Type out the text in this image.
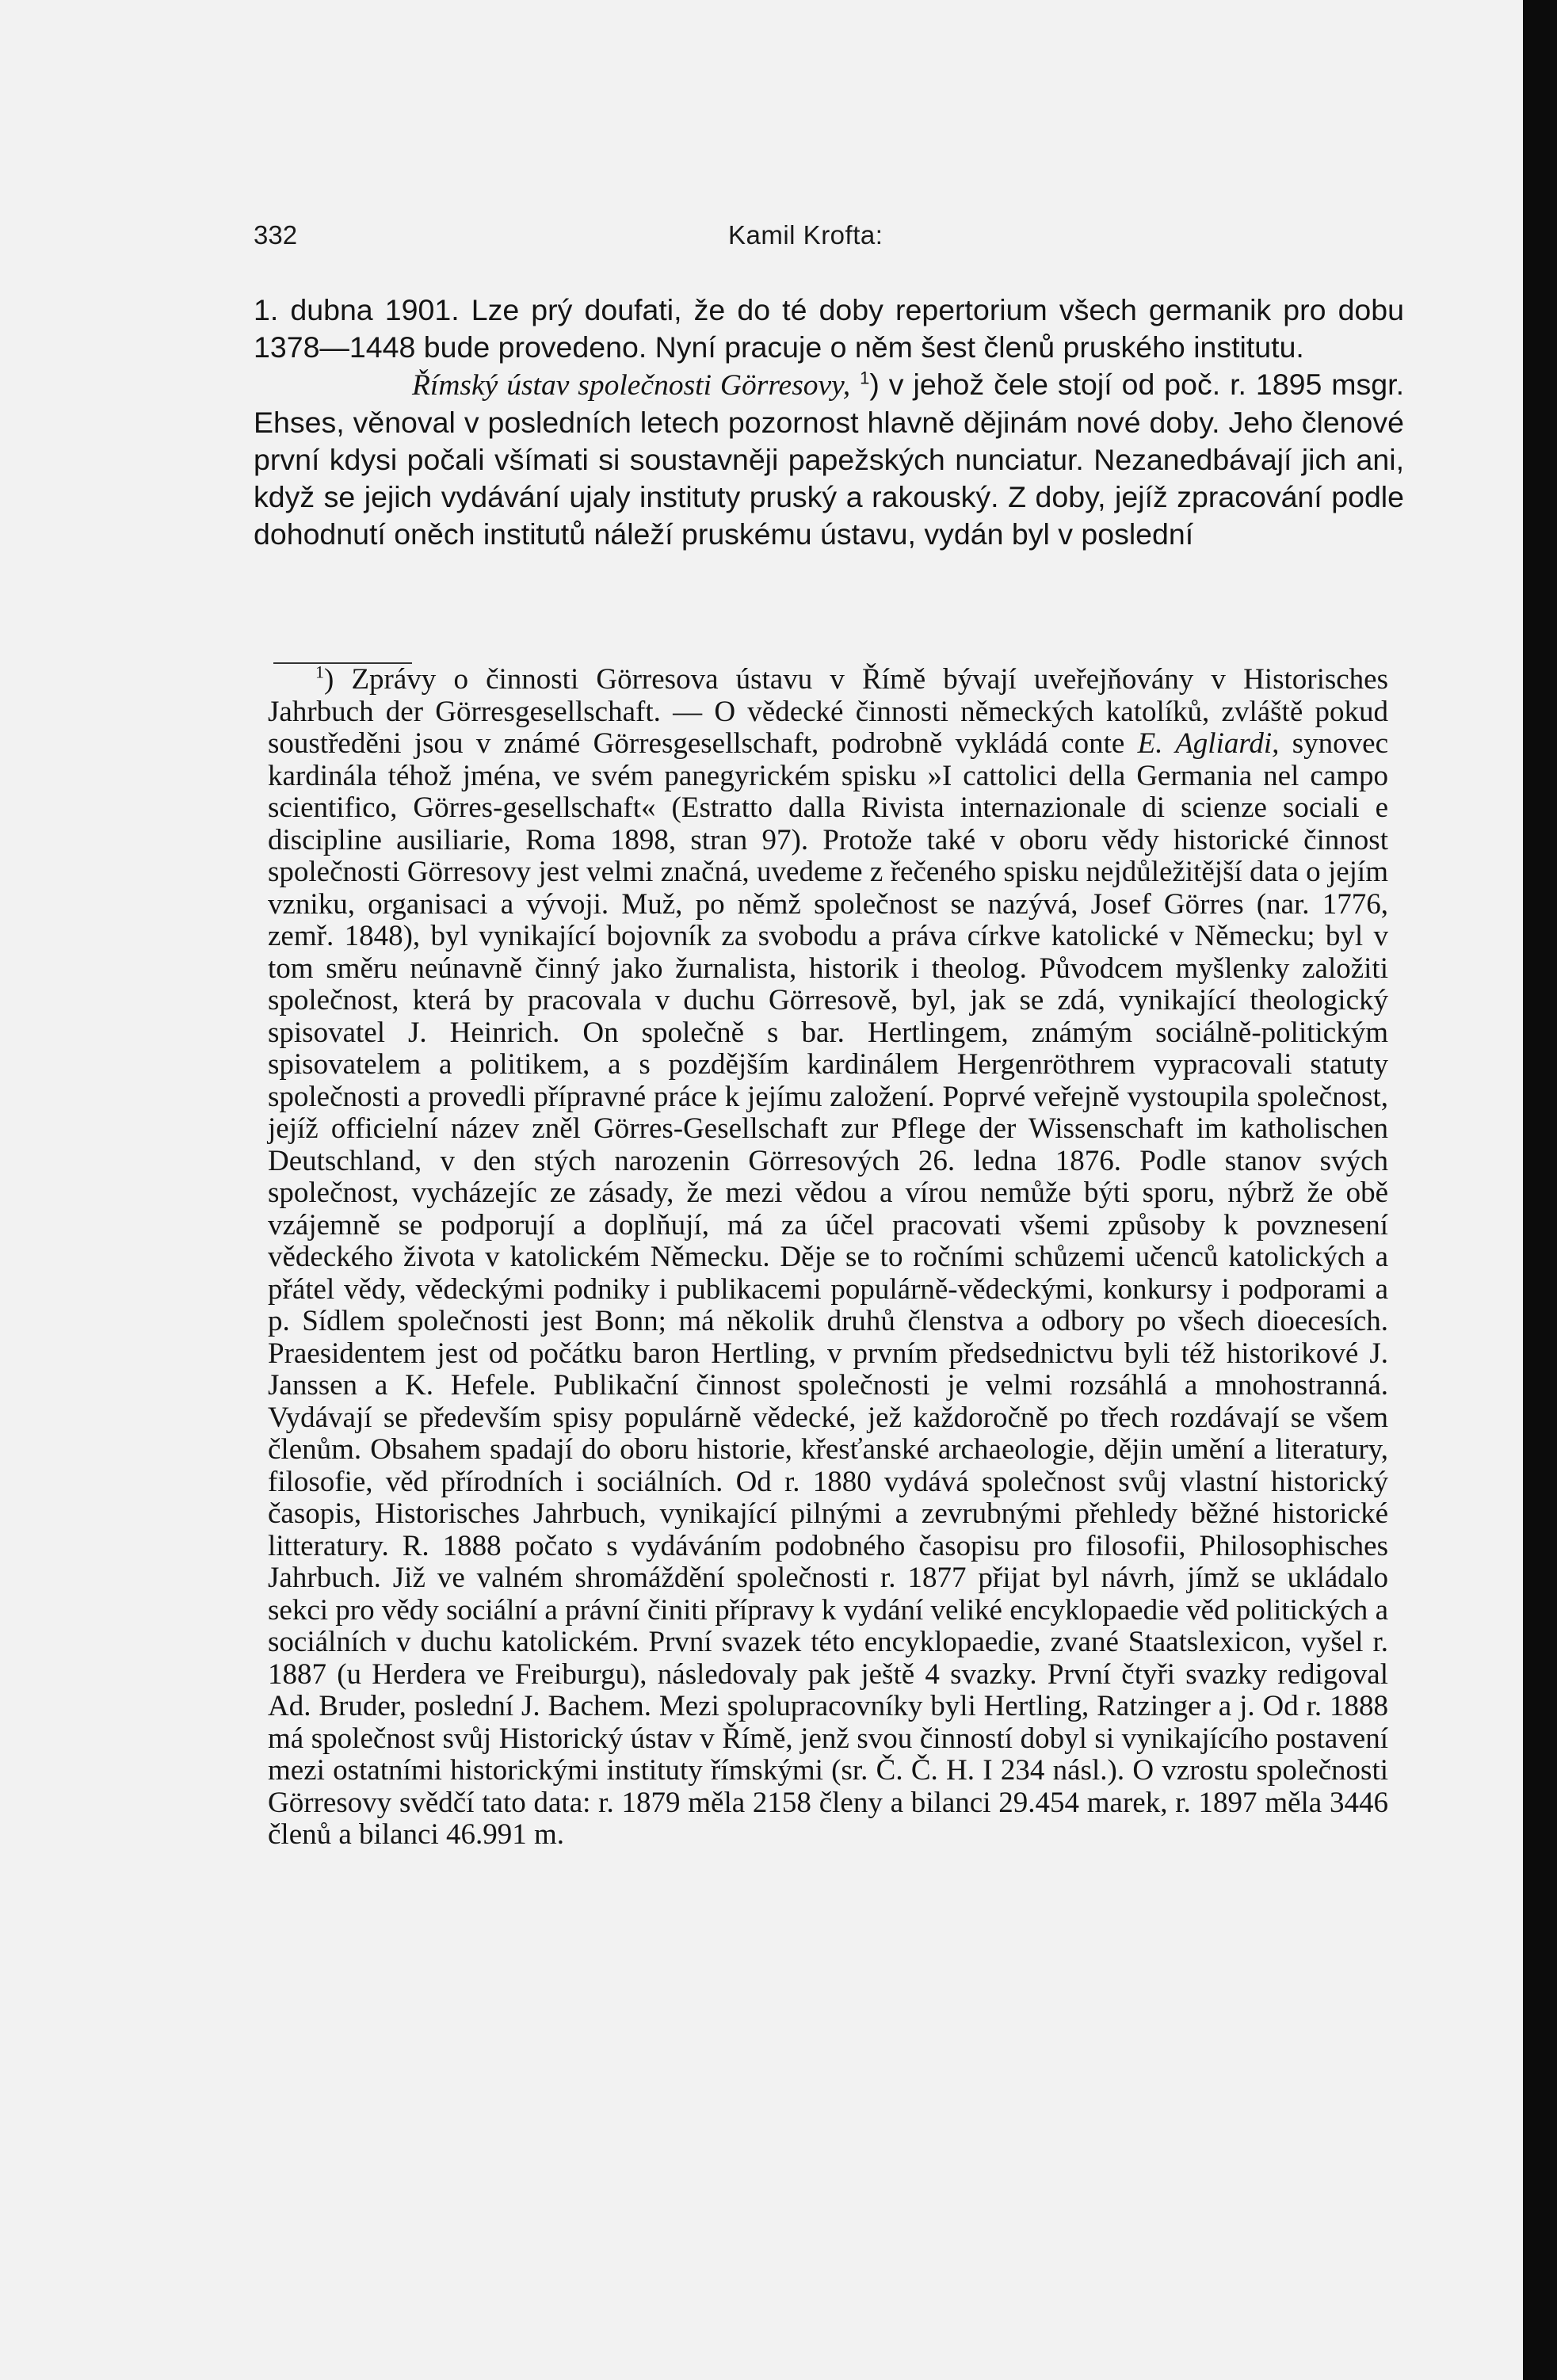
332	Kamil Krofta:

1. dubna 1901. Lze prý doufati, že do té doby repertorium všech germanik pro dobu 1378—1448 bude provedeno. Nyní pracuje o něm šest členů pruského institutu.

Římský ústav společnosti Görresovy, $^1$) v jehož čele stojí od poč. r. 1895 msgr. Ehses, věnoval v posledních letech pozornost hlavně dějinám nové doby. Jeho členové první kdysi počali všímati si soustavněji papežských nunciatur. Nezanedbávají jich ani, když se jejich vydávání ujaly instituty pruský a rakouský. Z doby, jejíž zpracování podle dohodnutí oněch institutů náleží pruskému ústavu, vydán byl v poslední

$^1$) Zprávy o činnosti Görresova ústavu v Římě bývají uveřejňovány v Historisches Jahrbuch der Görresgesellschaft. — O vědecké činnosti německých katolíků, zvláště pokud soustředěni jsou v známé Görresgesellschaft, podrobně vykládá conte E. Agliardi, synovec kardinála téhož jména, ve svém panegyrickém spisku »I cattolici della Germania nel campo scientifico, Görres-gesellschaft« (Estratto dalla Rivista internazionale di scienze sociali e discipline ausiliarie, Roma 1898, stran 97). Protože také v oboru vědy historické činnost společnosti Görresovy jest velmi značná, uvedeme z řečeného spisku nejdůležitější data o jejím vzniku, organisaci a vývoji. Muž, po němž společnost se nazývá, Josef Görres (nar. 1776, zemř. 1848), byl vynikající bojovník za svobodu a práva církve katolické v Německu; byl v tom směru neúnavně činný jako žurnalista, historik i theolog. Původcem myšlenky založiti společnost, která by pracovala v duchu Görresově, byl, jak se zdá, vynikající theologický spisovatel J. Heinrich. On společně s bar. Hertlingem, známým sociálně-politickým spisovatelem a politikem, a s pozdějším kardinálem Hergenröthrem vypracovali statuty společnosti a provedli přípravné práce k jejímu založení. Poprvé veřejně vystoupila společnost, jejíž officielní název zněl Görres-Gesellschaft zur Pflege der Wissenschaft im katholischen Deutschland, v den stých narozenin Görresových 26. ledna 1876. Podle stanov svých společnost, vycházejíc ze zásady, že mezi vědou a vírou nemůže býti sporu, nýbrž že obě vzájemně se podporují a doplňují, má za účel pracovati všemi způsoby k povznesení vědeckého života v katolickém Německu. Děje se to ročními schůzemi učenců katolických a přátel vědy, vědeckými podniky i publikacemi populárně-vědeckými, konkursy i podporami a p. Sídlem společnosti jest Bonn; má několik druhů členstva a odbory po všech dioecesích. Praesidentem jest od počátku baron Hertling, v prvním předsednictvu byli též historikové J. Janssen a K. Hefele. Publikační činnost společnosti je velmi rozsáhlá a mnohostranná. Vydávají se především spisy populárně vědecké, jež každoročně po třech rozdávají se všem členům. Obsahem spadají do oboru historie, křesťanské archaeologie, dějin umění a literatury, filosofie, věd přírodních i sociálních. Od r. 1880 vydává společnost svůj vlastní historický časopis, Historisches Jahrbuch, vynikající pilnými a zevrubnými přehledy běžné historické litteratury. R. 1888 počato s vydáváním podobného časopisu pro filosofii, Philosophisches Jahrbuch. Již ve valném shromáždění společnosti r. 1877 přijat byl návrh, jímž se ukládalo sekci pro vědy sociální a právní činiti přípravy k vydání veliké encyklopaedie věd politických a sociálních v duchu katolickém. První svazek této encyklopaedie, zvané Staatslexicon, vyšel r. 1887 (u Herdera ve Freiburgu), následovaly pak ještě 4 svazky. První čtyři svazky redigoval Ad. Bruder, poslední J. Bachem. Mezi spolupracovníky byli Hertling, Ratzinger a j. Od r. 1888 má společnost svůj Historický ústav v Římě, jenž svou činností dobyl si vynikajícího postavení mezi ostatními historickými instituty římskými (sr. Č. Č. H. I 234 násl.). O vzrostu společnosti Görresovy svědčí tato data: r. 1879 měla 2158 členy a bilanci 29.454 marek, r. 1897 měla 3446 členů a bilanci 46.991 m.
